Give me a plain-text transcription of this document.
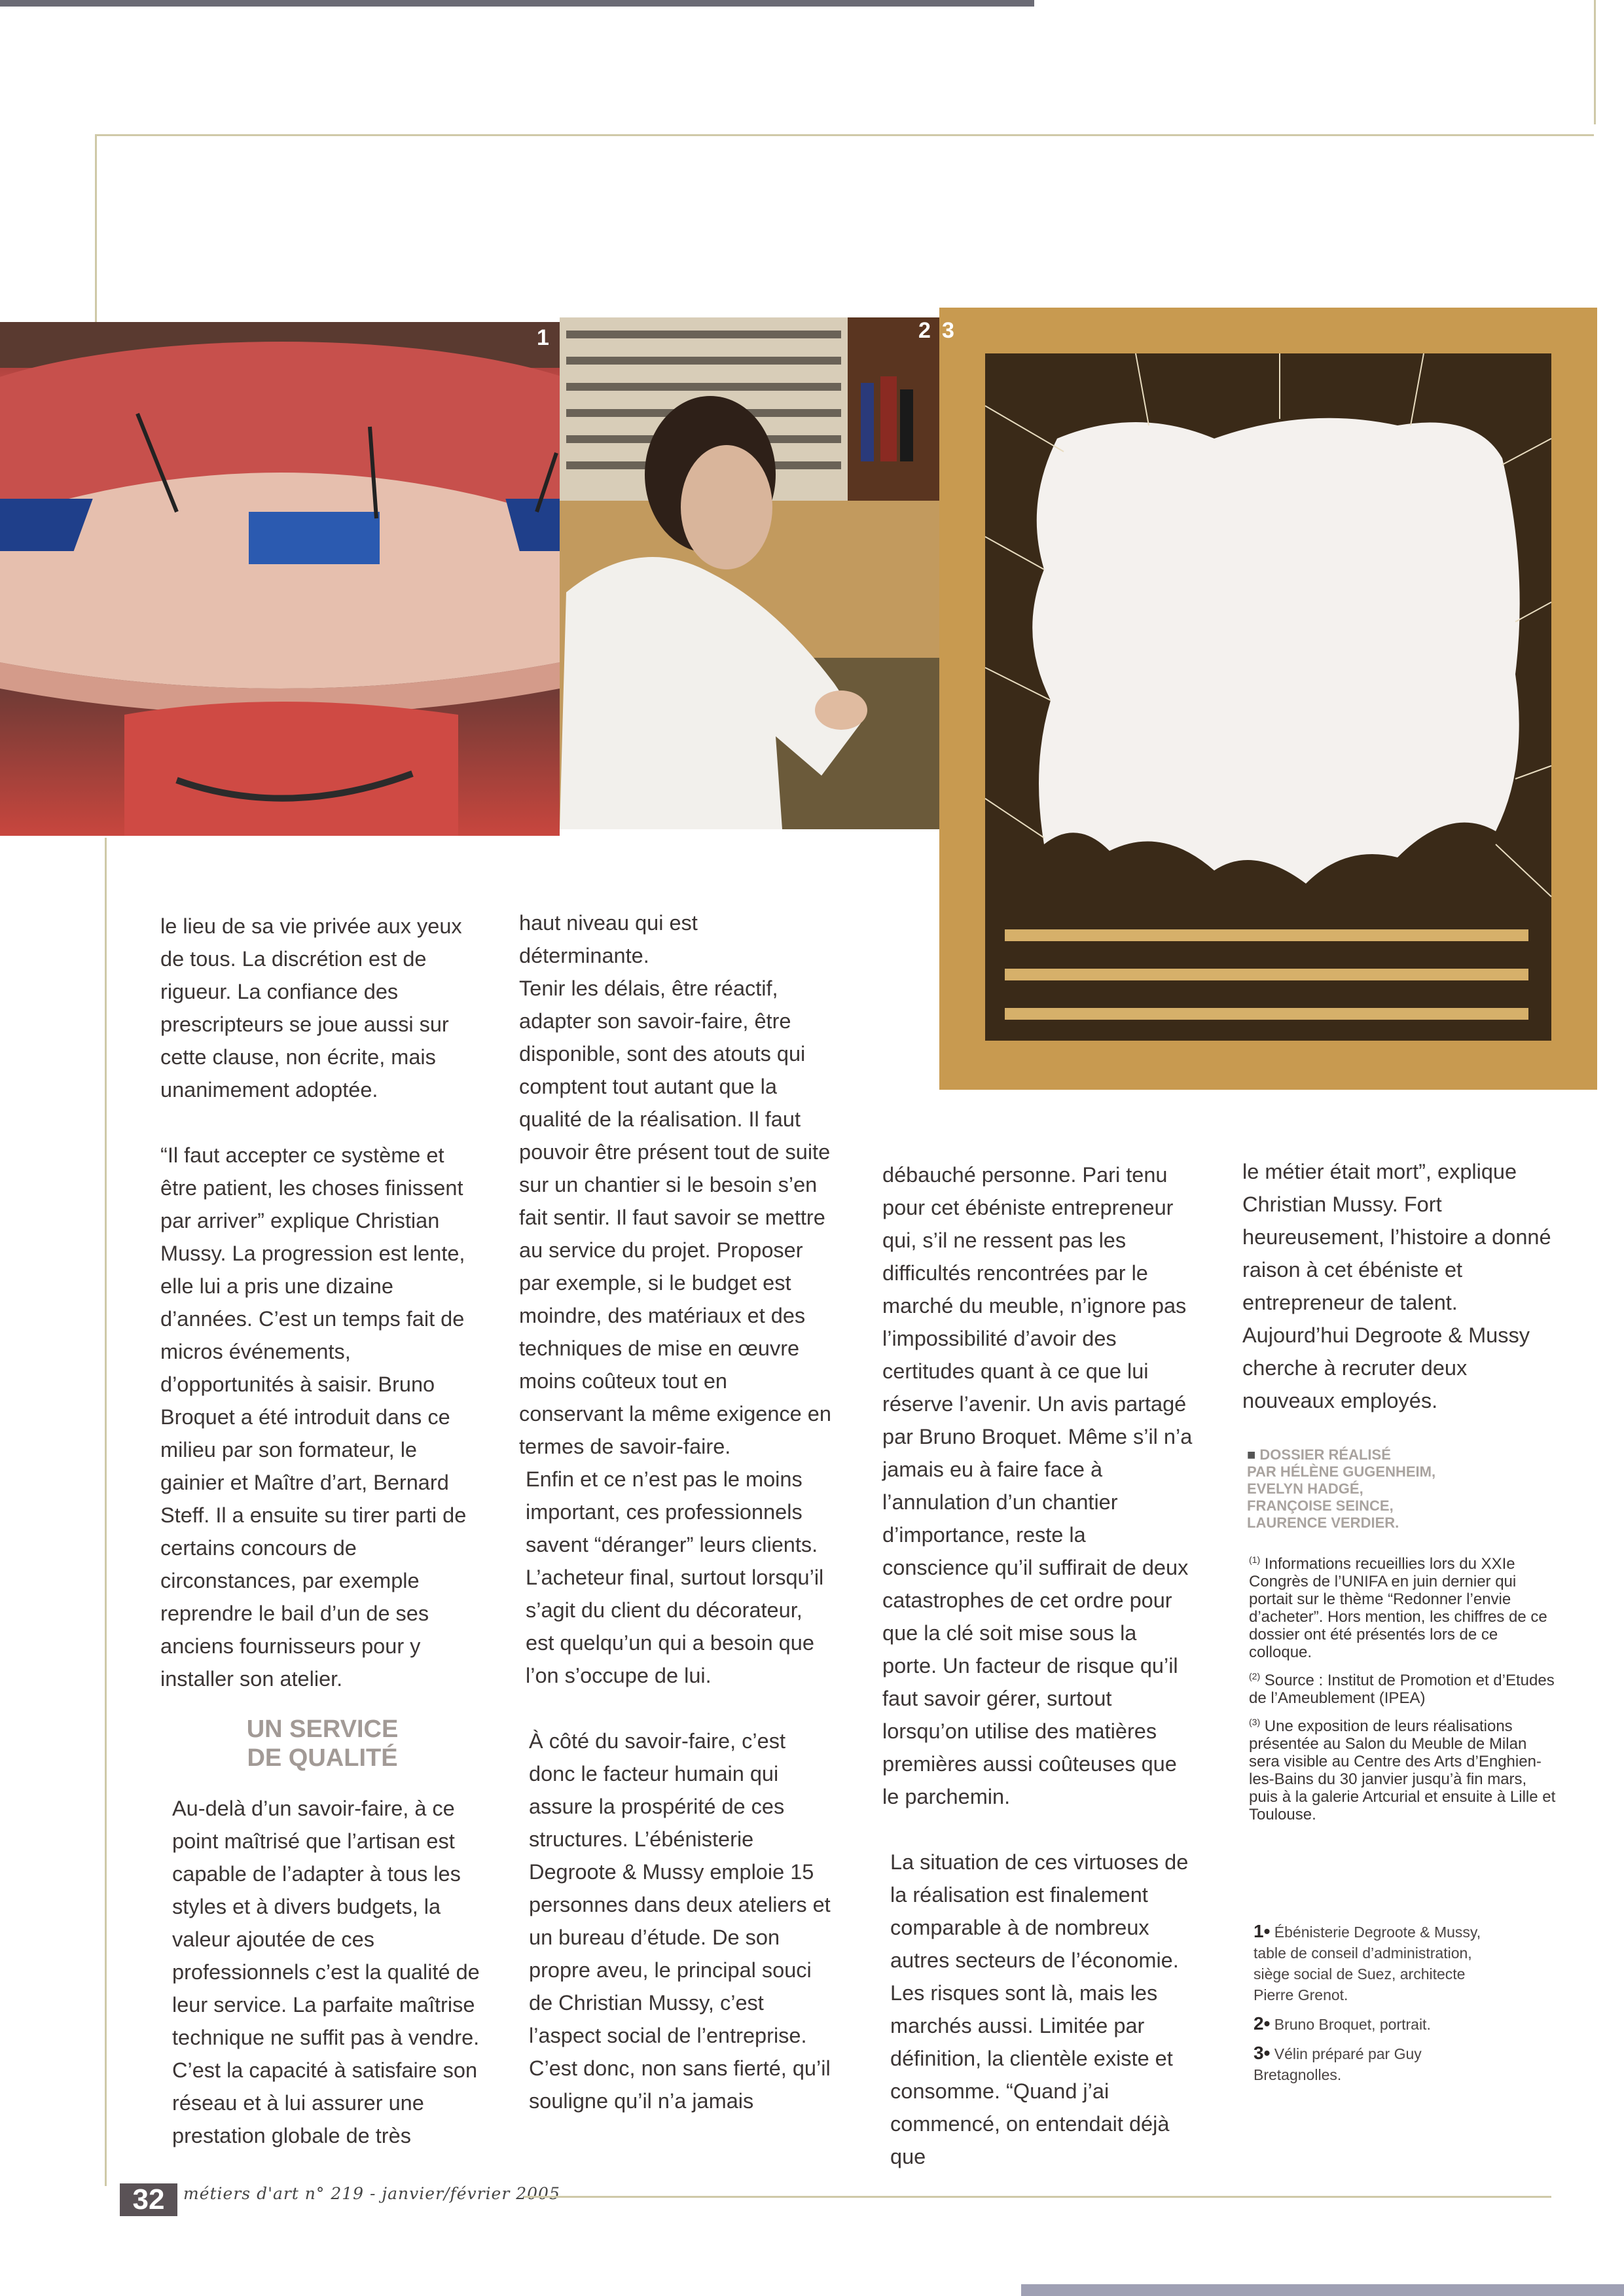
1	2 3

le lieu de sa vie privée aux yeux de tous. La discrétion est de rigueur. La confiance des prescripteurs se joue aussi sur cette clause, non écrite, mais unanimement adoptée.

“Il faut accepter ce système et être patient, les choses finissent par arriver” explique Christian Mussy. La progression est lente, elle lui a pris une dizaine d’années. C’est un temps fait de micros événements, d’opportunités à saisir. Bruno Broquet a été introduit dans ce milieu par son formateur, le gainier et Maître d’art, Bernard Steff. Il a ensuite su tirer parti de certains concours de circonstances, par exemple reprendre le bail d’un de ses anciens fournisseurs pour y installer son atelier.

UN SERVICE
DE QUALITÉ

Au-delà d’un savoir-faire, à ce point maîtrisé que l’artisan est capable de l’adapter à tous les styles et à divers budgets, la valeur ajoutée de ces professionnels c’est la qualité de leur service. La parfaite maîtrise technique ne suffit pas à vendre. C’est la capacité à satisfaire son réseau et à lui assurer une prestation globale de très

haut niveau qui est déterminante.

Tenir les délais, être réactif, adapter son savoir-faire, être disponible, sont des atouts qui comptent tout autant que la qualité de la réalisation. Il faut pouvoir être présent tout de suite sur un chantier si le besoin s’en fait sentir. Il faut savoir se mettre au service du projet. Proposer par exemple, si le budget est moindre, des matériaux et des techniques de mise en œuvre moins coûteux tout en conservant la même exigence en termes de savoir-faire.

Enfin et ce n’est pas le moins important, ces professionnels savent “déranger” leurs clients. L’acheteur final, surtout lorsqu’il s’agit du client du décorateur, est quelqu’un qui a besoin que l’on s’occupe de lui.

À côté du savoir-faire, c’est donc le facteur humain qui assure la prospérité de ces structures. L’ébénisterie Degroote & Mussy emploie 15 personnes dans deux ateliers et un bureau d’étude. De son propre aveu, le principal souci de Christian Mussy, c’est l’aspect social de l’entreprise. C’est donc, non sans fierté, qu’il souligne qu’il n’a jamais

débauché personne. Pari tenu pour cet ébéniste entrepreneur qui, s’il ne ressent pas les difficultés rencontrées par le marché du meuble, n’ignore pas l’impossibilité d’avoir des certitudes quant à ce que lui réserve l’avenir. Un avis partagé par Bruno Broquet. Même s’il n’a jamais eu à faire face à l’annulation d’un chantier d’importance, reste la conscience qu’il suffirait de deux catastrophes de cet ordre pour que la clé soit mise sous la porte. Un facteur de risque qu’il faut savoir gérer, surtout lorsqu’on utilise des matières premières aussi coûteuses que le parchemin.

La situation de ces virtuoses de la réalisation est finalement comparable à de nombreux autres secteurs de l’économie. Les risques sont là, mais les marchés aussi. Limitée par définition, la clientèle existe et consomme. “Quand j’ai commencé, on entendait déjà que

le métier était mort”, explique Christian Mussy. Fort heureusement, l’histoire a donné raison à cet ébéniste et entrepreneur de talent. Aujourd’hui Degroote & Mussy cherche à recruter deux nouveaux employés.

■ DOSSIER RÉALISÉ
PAR HÉLÈNE GUGENHEIM,
EVELYN HADGÉ,
FRANÇOISE SEINCE,
LAURENCE VERDIER.

$^{(1)}$ Informations recueillies lors du XXIe Congrès de l’UNIFA en juin dernier qui portait sur le thème “Redonner l’envie d’acheter”. Hors mention, les chiffres de ce dossier ont été présentés lors de ce colloque.

$^{(2)}$ Source : Institut de Promotion et d’Etudes de l’Ameublement (IPEA)

$^{(3)}$ Une exposition de leurs réalisations présentée au Salon du Meuble de Milan sera visible au Centre des Arts d’Enghien-les-Bains du 30 janvier jusqu’à fin mars, puis à la galerie Artcurial et ensuite à Lille et Toulouse.

1• Ébénisterie Degroote & Mussy, table de conseil d’administration, siège social de Suez, architecte Pierre Grenot.
2• Bruno Broquet, portrait.
3• Vélin préparé par Guy Bretagnolles.
32	métiers d'art n° 219 - janvier/février 2005
